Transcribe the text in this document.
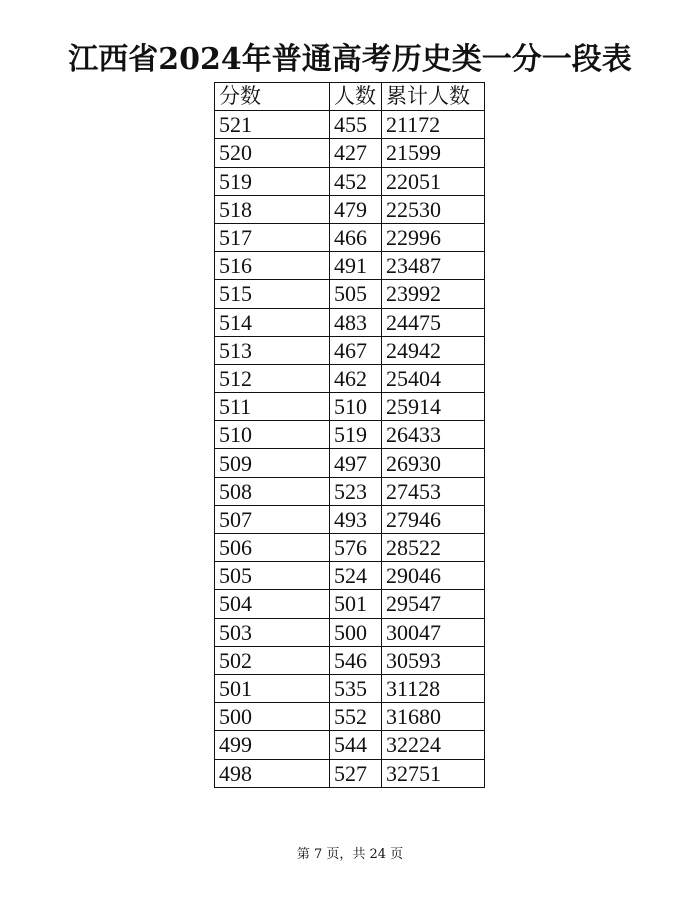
江西省2024年普通高考历史类一分一段表
分数	人数	累计人数
521	455	21172
520	427	21599
519	452	22051
518	479	22530
517	466	22996
516	491	23487
515	505	23992
514	483	24475
513	467	24942
512	462	25404
511	510	25914
510	519	26433
509	497	26930
508	523	27453
507	493	27946
506	576	28522
505	524	29046
504	501	29547
503	500	30047
502	546	30593
501	535	31128
500	552	31680
499	544	32224
498	527	32751
第 7 页，共 24 页
